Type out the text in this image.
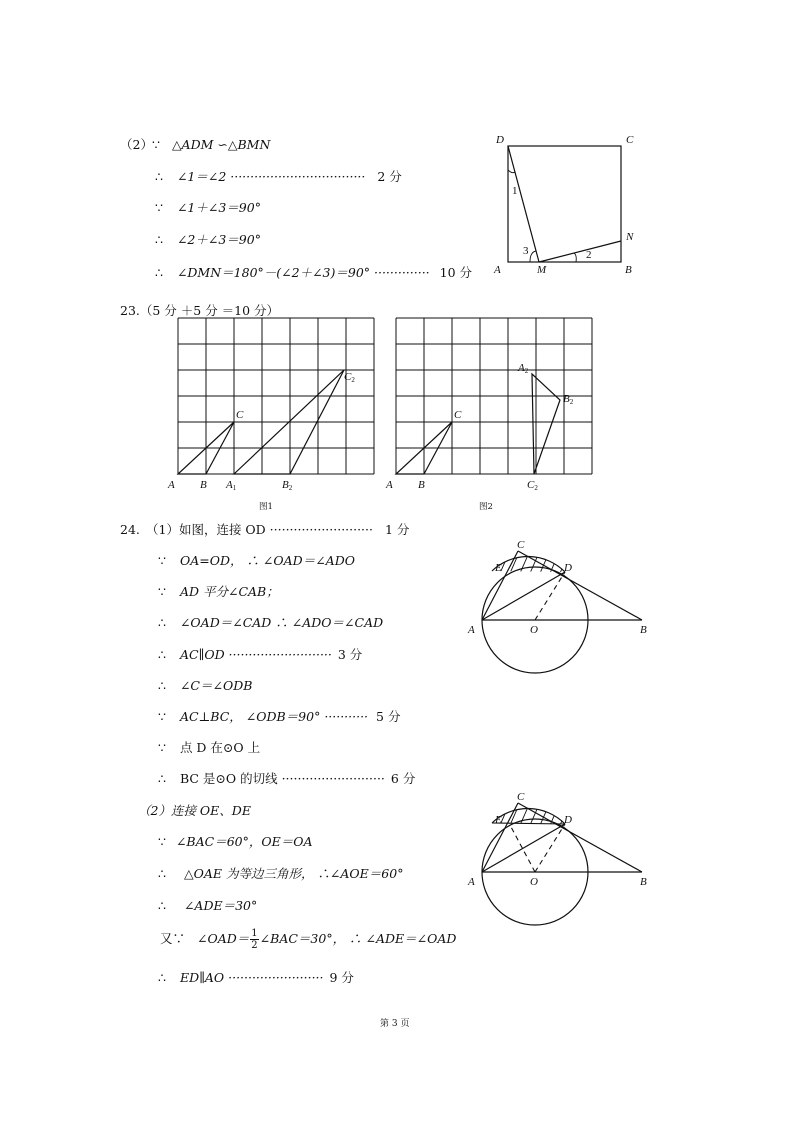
（2） ∵ △ADM ∽△BMN
∴ ∠1＝∠2 ·································· 2 分
∵ ∠1＋∠3＝90°
∴ ∠2＋∠3＝90°
∴ ∠DMN＝180°－(∠2＋∠3)＝90° ·············· 10 分
D	C
A	M	B
N
1
2
3
23.（5 分 ＋5 分 ＝10 分）
A B A1	B2
C
C2
图1
A B
C
A2
B2
C2
图2
24. （1）如图，连接 OD ·························· 1 分
∵ OA=OD， ∴ ∠OAD＝∠ADO
∵ AD 平分∠CAB；
∴ ∠OAD＝∠CAD ∴ ∠ADO＝∠CAD
∴ AC∥OD ·························· 3 分
∴ ∠C＝∠ODB
∵ AC⊥BC， ∠ODB＝90° ··········· 5 分
∵ 点 D 在⊙O 上
∴ BC 是⊙O 的切线 ·························· 6 分
C
E	D
A	O	B
（2）连接 OE、DE
∵ ∠BAC＝60°，OE＝OA
∴ △OAE 为等边三角形， ∴∠AOE＝60°
∴ ∠ADE＝30°
又∵ ∠OAD＝ $\frac{1}{2}$ ∠BAC＝30°， ∴ ∠ADE＝∠OAD
∴ ED∥AO ························ 9 分
C
E	D
A	O	B
第 3 页
